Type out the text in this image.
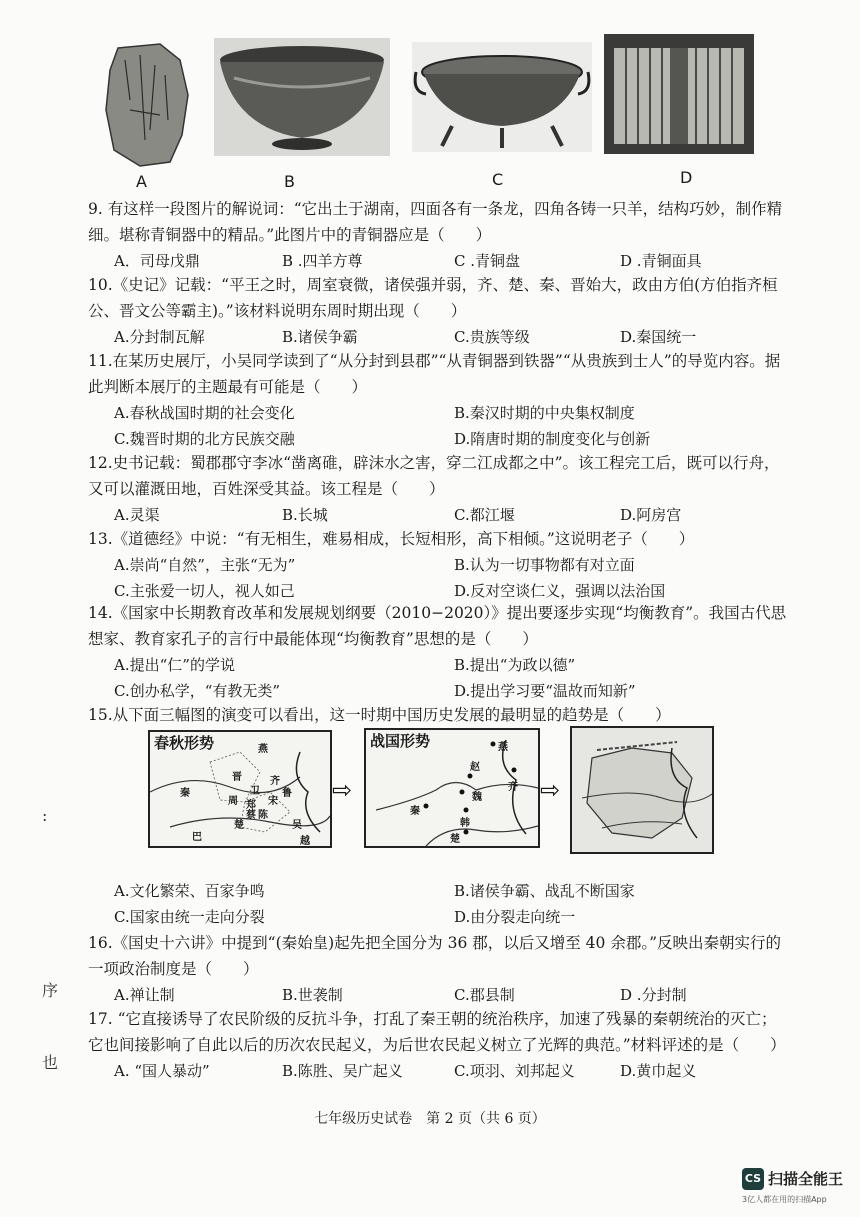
A	B	C	D
9. 有这样一段图片的解说词：“它出土于湖南，四面各有一条龙，四角各铸一只羊，结构巧妙，制作精细。堪称青铜器中的精品。”此图片中的青铜器应是（　　）
A．司母戊鼎	B .四羊方尊	C .青铜盘	D .青铜面具
10.《史记》记载：“平王之时，周室衰微，诸侯强并弱，齐、楚、秦、晋始大，政由方伯(方伯指齐桓公、晋文公等霸主)。”该材料说明东周时期出现（　　）
A.分封制瓦解	B.诸侯争霸	C.贵族等级	D.秦国统一
11.在某历史展厅，小吴同学读到了“从分封到县郡”“从青铜器到铁器”“从贵族到士人”的导览内容。据此判断本展厅的主题最有可能是（　　）
A.春秋战国时期的社会变化	B.秦汉时期的中央集权制度
C.魏晋时期的北方民族交融	D.隋唐时期的制度变化与创新
12.史书记载：蜀郡郡守李冰“凿离碓，辟沫水之害，穿二江成都之中”。该工程完工后，既可以行舟，又可以灌溉田地，百姓深受其益。该工程是（　　）
A.灵渠	B.长城	C.都江堰	D.阿房宫
13.《道德经》中说：“有无相生，难易相成，长短相形，高下相倾。”这说明老子（　　）
A.崇尚“自然”，主张“无为”	B.认为一切事物都有对立面
C.主张爱一切人，视人如己	D.反对空谈仁义，强调以法治国
14.《国家中长期教育改革和发展规划纲要（2010−2020）》提出要逐步实现“均衡教育”。我国古代思想家、教育家孔子的言行中最能体现“均衡教育”思想的是（　　）
A.提出“仁”的学说	B.提出“为政以德”
C.创办私学，“有教无类”	D.提出学习要“温故而知新”
15.从下面三幅图的演变可以看出，这一时期中国历史发展的最明显的趋势是（　　）
春秋形势	燕
晋	齐
秦
周	宋
楚	吴
越
巴
卫
郑
陈
蔡
鲁 ⇨
战国形势	燕
赵
齐
魏
秦
韩
楚
⇨
A.文化繁荣、百家争鸣	B.诸侯争霸、战乱不断国家
C.国家由统一走向分裂	D.由分裂走向统一
16.《国史十六讲》中提到“(秦始皇)起先把全国分为 36 郡，以后又增至 40 余郡。”反映出秦朝实行的一项政治制度是（　　）
A.禅让制	B.世袭制	C.郡县制	D .分封制
17. “它直接诱导了农民阶级的反抗斗争，打乱了秦王朝的统治秩序，加速了残暴的秦朝统治的灭亡；它也间接影响了自此以后的历次农民起义，为后世农民起义树立了光辉的典范。”材料评述的是（　　）
A. “国人暴动”	B.陈胜、吴广起义	C.项羽、刘邦起义	D.黄巾起义
七年级历史试卷　第 2 页（共 6 页）
:
序
也
CS 扫描全能王
3亿人都在用的扫描App
